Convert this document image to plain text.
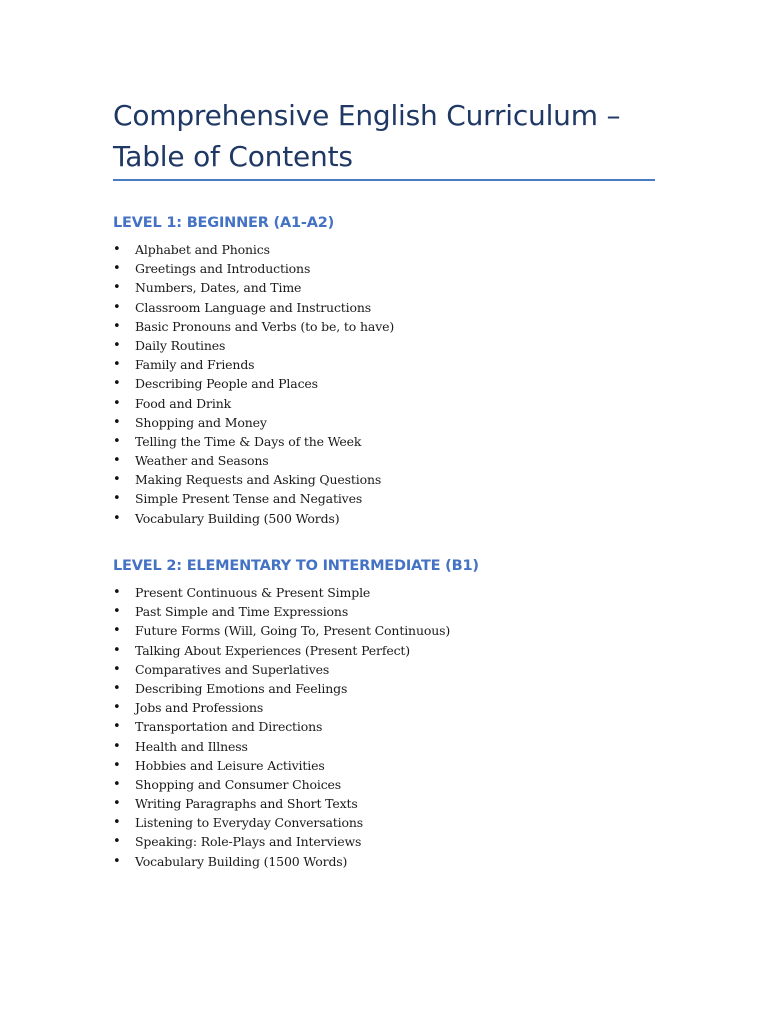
Comprehensive English Curriculum –
Table of Contents
LEVEL 1: BEGINNER (A1-A2)
• Alphabet and Phonics
• Greetings and Introductions
• Numbers, Dates, and Time
• Classroom Language and Instructions
• Basic Pronouns and Verbs (to be, to have)
• Daily Routines
• Family and Friends
• Describing People and Places
• Food and Drink
• Shopping and Money
• Telling the Time & Days of the Week
• Weather and Seasons
• Making Requests and Asking Questions
• Simple Present Tense and Negatives
• Vocabulary Building (500 Words)
LEVEL 2: ELEMENTARY TO INTERMEDIATE (B1)
• Present Continuous & Present Simple
• Past Simple and Time Expressions
• Future Forms (Will, Going To, Present Continuous)
• Talking About Experiences (Present Perfect)
• Comparatives and Superlatives
• Describing Emotions and Feelings
• Jobs and Professions
• Transportation and Directions
• Health and Illness
• Hobbies and Leisure Activities
• Shopping and Consumer Choices
• Writing Paragraphs and Short Texts
• Listening to Everyday Conversations
• Speaking: Role-Plays and Interviews
• Vocabulary Building (1500 Words)
